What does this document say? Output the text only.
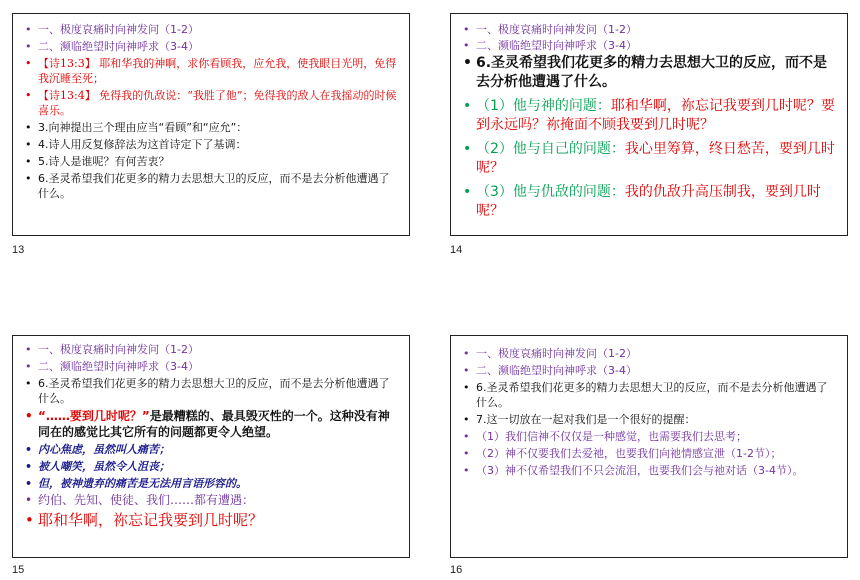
• 一、极度哀痛时向神发问（1-2）

• 二、濒临绝望时向神呼求（3-4）

• 【诗13:3】 耶和华我的神啊，求你看顾我，应允我，使我眼目光明，免得我沉睡至死；

• 【诗13:4】 免得我的仇敌说：“我胜了他”；免得我的敌人在我摇动的时候喜乐。

• 3.向神提出三个理由应当“看顾”和“应允”：

• 4.诗人用反复修辞法为这首诗定下了基调：

• 5.诗人是谁呢？有何苦衷？

• 6.圣灵希望我们花更多的精力去思想大卫的反应，而不是去分析他遭遇了什么。

13

• 一、极度哀痛时向神发问（1-2）

• 二、濒临绝望时向神呼求（3-4）

• 6.圣灵希望我们花更多的精力去思想大卫的反应，而不是去分析他遭遇了什么。

• （1）他与神的问题：耶和华啊，祢忘记我要到几时呢？要到永远吗？祢掩面不顾我要到几时呢？

• （2）他与自己的问题：我心里筹算，终日愁苦，要到几时呢？

• （3）他与仇敌的问题：我的仇敌升高压制我，要到几时呢？

14

• 一、极度哀痛时向神发问（1-2）

• 二、濒临绝望时向神呼求（3-4）

• 6.圣灵希望我们花更多的精力去思想大卫的反应，而不是去分析他遭遇了什么。

• “……要到几时呢？”是最糟糕的、最具毁灭性的一个。这种没有神同在的感觉比其它所有的问题都更令人绝望。

• 内心焦虑，虽然叫人痛苦；

• 被人嘲笑，虽然令人沮丧；

• 但，被神遗弃的痛苦是无法用言语形容的。

• 约伯、先知、使徒、我们……都有遭遇：

• 耶和华啊，祢忘记我要到几时呢？

15

• 一、极度哀痛时向神发问（1-2）

• 二、濒临绝望时向神呼求（3-4）

• 6.圣灵希望我们花更多的精力去思想大卫的反应，而不是去分析他遭遇了什么。

• 7.这一切放在一起对我们是一个很好的提醒：

• （1）我们信神不仅仅是一种感觉，也需要我们去思考；

• （2）神不仅要我们去爱祂，也要我们向祂情感宣泄（1-2节）；

• （3）神不仅希望我们不只会流泪，也要我们会与祂对话（3-4节）。

16
